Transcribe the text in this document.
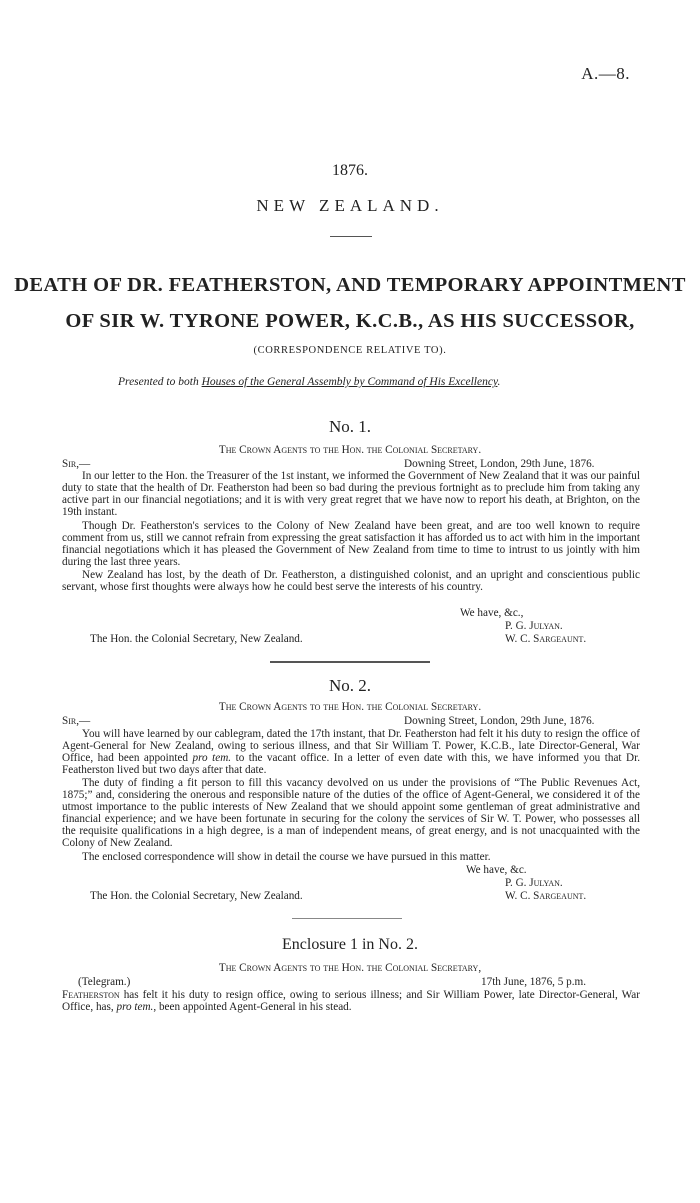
A.—8.
1876.
NEW ZEALAND.
DEATH OF DR. FEATHERSTON, AND TEMPORARY APPOINTMENT
OF SIR W. TYRONE POWER, K.C.B., AS HIS SUCCESSOR,
(CORRESPONDENCE RELATIVE TO).
Presented to both Houses of the General Assembly by Command of His Excellency.
No. 1.
The Crown Agents to the Hon. the Colonial Secretary.
Sir,—	Downing Street, London, 29th June, 1876.
In our letter to the Hon. the Treasurer of the 1st instant, we informed the Government of New Zealand that it was our painful duty to state that the health of Dr. Featherston had been so bad during the previous fortnight as to preclude him from taking any active part in our financial negotiations; and it is with very great regret that we have now to report his death, at Brighton, on the 19th instant.
Though Dr. Featherston's services to the Colony of New Zealand have been great, and are too well known to require comment from us, still we cannot refrain from expressing the great satisfaction it has afforded us to act with him in the important financial negotiations which it has pleased the Government of New Zealand from time to time to intrust to us jointly with him during the last three years.
New Zealand has lost, by the death of Dr. Featherston, a distinguished colonist, and an upright and conscientious public servant, whose first thoughts were always how he could best serve the interests of his country.
We have, &c.,
P. G. Julyan.
The Hon. the Colonial Secretary, New Zealand.	W. C. Sargeaunt.
No. 2.
The Crown Agents to the Hon. the Colonial Secretary.
Sir,—	Downing Street, London, 29th June, 1876.
You will have learned by our cablegram, dated the 17th instant, that Dr. Featherston had felt it his duty to resign the office of Agent-General for New Zealand, owing to serious illness, and that Sir William T. Power, K.C.B., late Director-General, War Office, had been appointed pro tem. to the vacant office. In a letter of even date with this, we have informed you that Dr. Featherston lived but two days after that date.
The duty of finding a fit person to fill this vacancy devolved on us under the provisions of “The Public Revenues Act, 1875;” and, considering the onerous and responsible nature of the duties of the office of Agent-General, we considered it of the utmost importance to the public interests of New Zealand that we should appoint some gentleman of great administrative and financial experience; and we have been fortunate in securing for the colony the services of Sir W. T. Power, who possesses all the requisite qualifications in a high degree, is a man of independent means, of great energy, and is not unacquainted with the Colony of New Zealand.
The enclosed correspondence will show in detail the course we have pursued in this matter.
We have, &c.
P. G. Julyan.
The Hon. the Colonial Secretary, New Zealand.	W. C. Sargeaunt.
Enclosure 1 in No. 2.
The Crown Agents to the Hon. the Colonial Secretary,
(Telegram.)	17th June, 1876, 5 p.m.
Featherston has felt it his duty to resign office, owing to serious illness; and Sir William Power, late Director-General, War Office, has, pro tem., been appointed Agent-General in his stead.
